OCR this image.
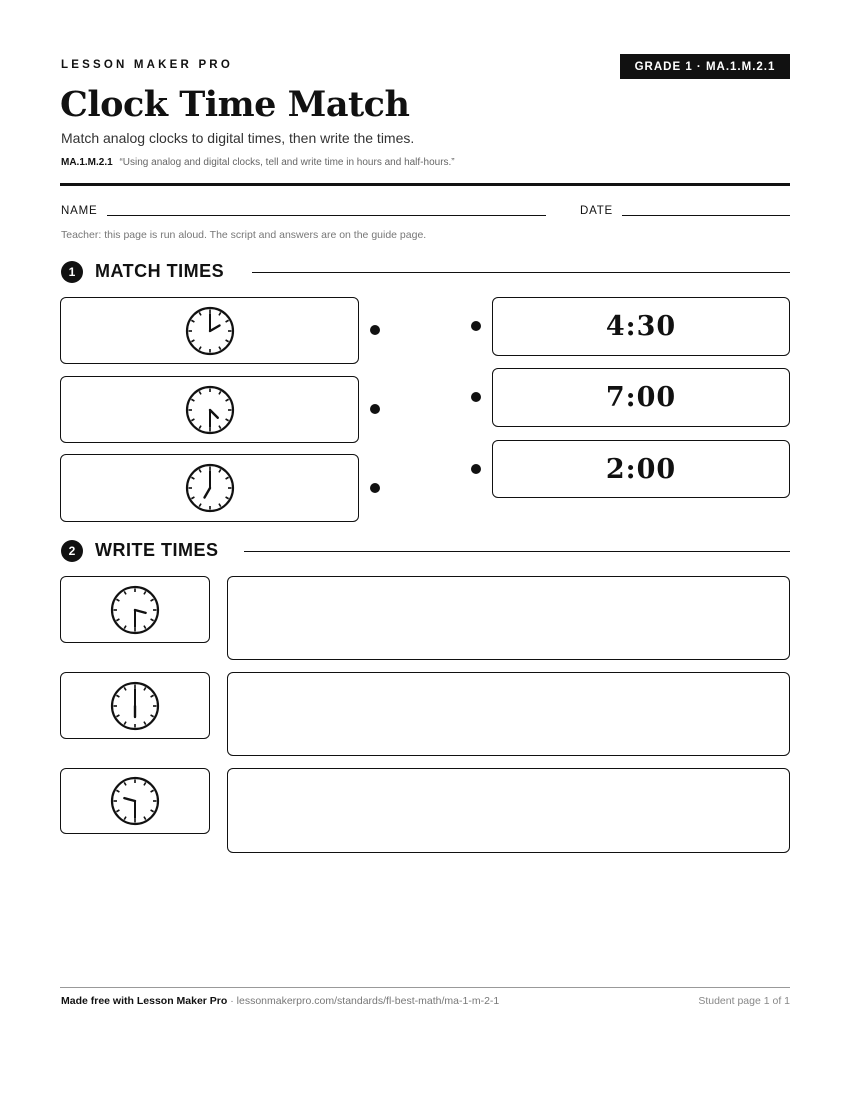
LESSON MAKER PRO	GRADE 1 · MA.1.M.2.1
Clock Time Match
Match analog clocks to digital times, then write the times.
MA.1.M.2.1 “Using analog and digital clocks, tell and write time in hours and half-hours.”
NAME	DATE
Teacher: this page is run aloud. The script and answers are on the guide page.
1	MATCH TIMES
4:30
7:00
2:00
2	WRITE TIMES
Made free with Lesson Maker Pro · lessonmakerpro.com/standards/fl-best-math/ma-1-m-2-1	Student page 1 of 1
